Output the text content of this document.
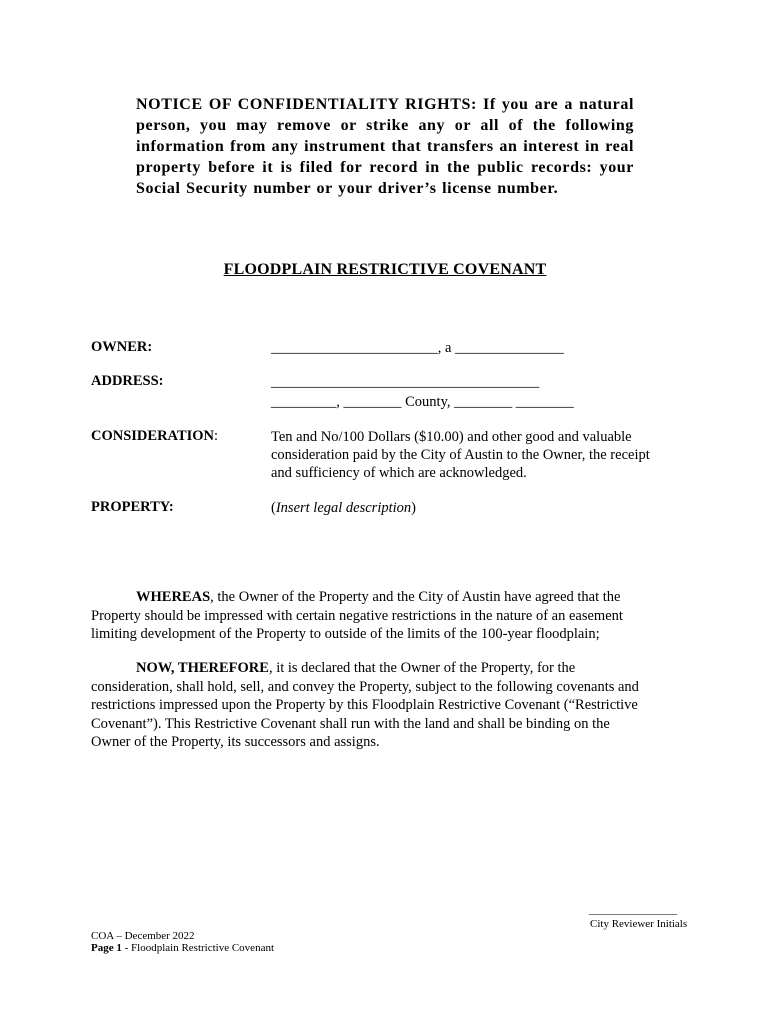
NOTICE OF CONFIDENTIALITY RIGHTS: If you are a natural person, you may remove or strike any or all of the following information from any instrument that transfers an interest in real property before it is filed for record in the public records: your Social Security number or your driver’s license number.
FLOODPLAIN RESTRICTIVE COVENANT
OWNER:	_______________________, a _______________
ADDRESS:	_____________________________________
_________, ________ County, ________ ________
CONSIDERATION:	Ten and No/100 Dollars ($10.00) and other good and valuable
consideration paid by the City of Austin to the Owner, the receipt
and sufficiency of which are acknowledged.
PROPERTY:	(Insert legal description)
WHEREAS, the Owner of the Property and the City of Austin have agreed that the
Property should be impressed with certain negative restrictions in the nature of an easement
limiting development of the Property to outside of the limits of the 100-year floodplain;
NOW, THEREFORE, it is declared that the Owner of the Property, for the
consideration, shall hold, sell, and convey the Property, subject to the following covenants and
restrictions impressed upon the Property by this Floodplain Restrictive Covenant (“Restrictive
Covenant”). This Restrictive Covenant shall run with the land and shall be binding on the
Owner of the Property, its successors and assigns.
________________
City Reviewer Initials
COA – December 2022
Page 1 - Floodplain Restrictive Covenant
